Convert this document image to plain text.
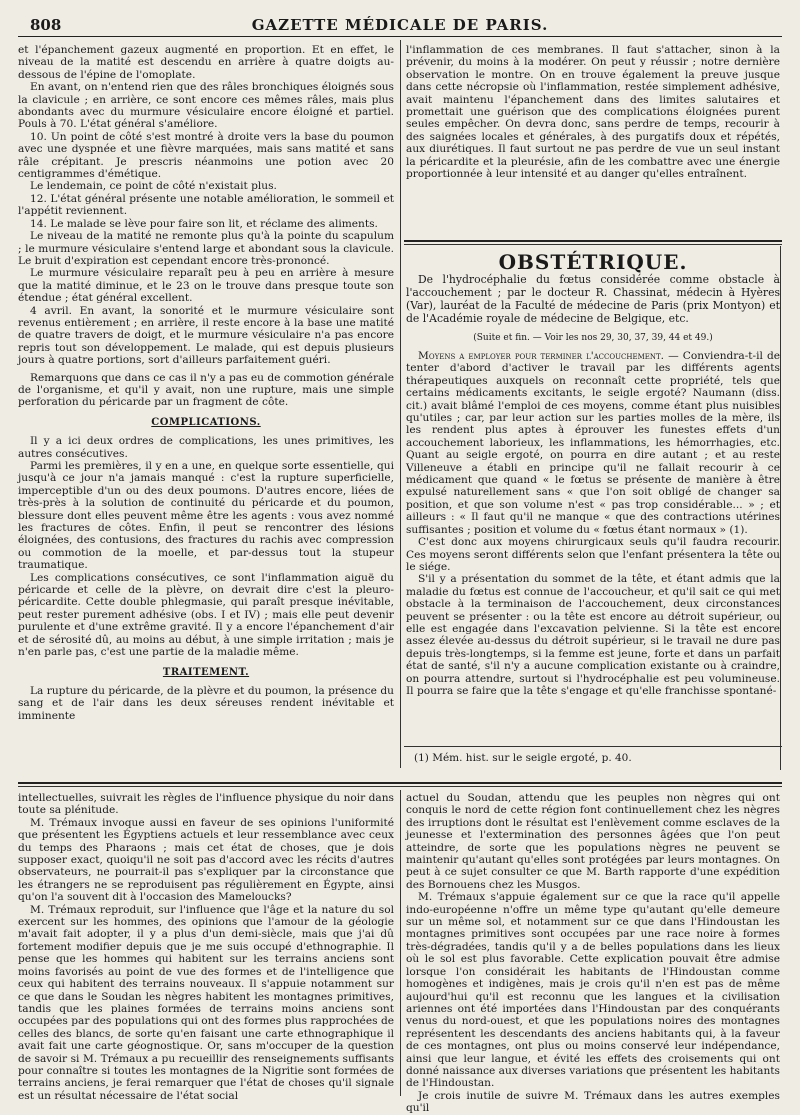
808	GAZETTE MÉDICALE DE PARIS.

et l'épanchement gazeux augmenté en proportion. Et en effet, le niveau de la matité est descendu en arrière à quatre doigts au-dessous de l'épine de l'omoplate.

En avant, on n'entend rien que des râles bronchiques éloignés sous la clavicule ; en arrière, ce sont encore ces mêmes râles, mais plus abondants avec du murmure vésiculaire encore éloigné et partiel. Pouls à 70. L'état général s'améliore.

10. Un point de côté s'est montré à droite vers la base du poumon avec une dyspnée et une fièvre marquées, mais sans matité et sans râle crépitant. Je prescris néanmoins une potion avec 20 centigrammes d'émétique.

Le lendemain, ce point de côté n'existait plus.

12. L'état général présente une notable amélioration, le sommeil et l'appétit reviennent.

14. Le malade se lève pour faire son lit, et réclame des aliments.

Le niveau de la matité ne remonte plus qu'à la pointe du scapulum ; le murmure vésiculaire s'entend large et abondant sous la clavicule. Le bruit d'expiration est cependant encore très-prononcé.

Le murmure vésiculaire reparaît peu à peu en arrière à mesure que la matité diminue, et le 23 on le trouve dans presque toute son étendue ; état général excellent.

4 avril. En avant, la sonorité et le murmure vésiculaire sont revenus entièrement ; en arrière, il reste encore à la base une matité de quatre travers de doigt, et le murmure vésiculaire n'a pas encore repris tout son développement. Le malade, qui est depuis plusieurs jours à quatre portions, sort d'ailleurs parfaitement guéri.

Remarquons que dans ce cas il n'y a pas eu de commotion générale de l'organisme, et qu'il y avait, non une rupture, mais une simple perforation du péricarde par un fragment de côte.

COMPLICATIONS.

Il y a ici deux ordres de complications, les unes primitives, les autres consécutives.

Parmi les premières, il y en a une, en quelque sorte essentielle, qui jusqu'à ce jour n'a jamais manqué : c'est la rupture superficielle, imperceptible d'un ou des deux poumons. D'autres encore, liées de très-près à la solution de continuité du péricarde et du poumon, blessure dont elles peuvent même être les agents : vous avez nommé les fractures de côtes. Enfin, il peut se rencontrer des lésions éloignées, des contusions, des fractures du rachis avec compression ou commotion de la moelle, et par-dessus tout la stupeur traumatique.

Les complications consécutives, ce sont l'inflammation aiguë du péricarde et celle de la plèvre, on devrait dire c'est la pleuro-péricardite. Cette double phlegmasie, qui paraît presque inévitable, peut rester purement adhésive (obs. I et IV) ; mais elle peut devenir purulente et d'une extrême gravité. Il y a encore l'épanchement d'air et de sérosité dû, au moins au début, à une simple irritation ; mais je n'en parle pas, c'est une partie de la maladie même.

TRAITEMENT.

La rupture du péricarde, de la plèvre et du poumon, la présence du sang et de l'air dans les deux séreuses rendent inévitable et imminente

l'inflammation de ces membranes. Il faut s'attacher, sinon à la prévenir, du moins à la modérer. On peut y réussir ; notre dernière observation le montre. On en trouve également la preuve jusque dans cette nécropsie où l'inflammation, restée simplement adhésive, avait maintenu l'épanchement dans des limites salutaires et promettait une guérison que des complications éloignées purent seules empêcher. On devra donc, sans perdre de temps, recourir à des saignées locales et générales, à des purgatifs doux et répétés, aux diurétiques. Il faut surtout ne pas perdre de vue un seul instant la péricardite et la pleurésie, afin de les combattre avec une énergie proportionnée à leur intensité et au danger qu'elles entraînent.

OBSTÉTRIQUE.

De l'hydrocéphalie du fœtus considérée comme obstacle à l'accouchement ; par le docteur R. Chassinat, médecin à Hyères (Var), lauréat de la Faculté de médecine de Paris (prix Montyon) et de l'Académie royale de médecine de Belgique, etc.

(Suite et fin. — Voir les nos 29, 30, 37, 39, 44 et 49.)

Moyens a employer pour terminer l'accouchement. — Conviendra-t-il de tenter d'abord d'activer le travail par les différents agents thérapeutiques auxquels on reconnaît cette propriété, tels que certains médicaments excitants, le seigle ergoté? Naumann (diss. cit.) avait blâmé l'emploi de ces moyens, comme étant plus nuisibles qu'utiles ; car, par leur action sur les parties molles de la mère, ils les rendent plus aptes à éprouver les funestes effets d'un accouchement laborieux, les inflammations, les hémorrhagies, etc. Quant au seigle ergoté, on pourra en dire autant ; et au reste Villeneuve a établi en principe qu'il ne fallait recourir à ce médicament que quand « le fœtus se présente de manière à être expulsé naturellement sans « que l'on soit obligé de changer sa position, et que son volume n'est « pas trop considérable... » ; et ailleurs : « Il faut qu'il ne manque « que des contractions utérines suffisantes ; position et volume du « fœtus étant normaux » (1).

C'est donc aux moyens chirurgicaux seuls qu'il faudra recourir. Ces moyens seront différents selon que l'enfant présentera la tête ou le siége.

S'il y a présentation du sommet de la tête, et étant admis que la maladie du fœtus est connue de l'accoucheur, et qu'il sait ce qui met obstacle à la terminaison de l'accouchement, deux circonstances peuvent se présenter : ou la tête est encore au détroit supérieur, ou elle est engagée dans l'excavation pelvienne. Si la tête est encore assez élevée au-dessus du détroit supérieur, si le travail ne dure pas depuis très-longtemps, si la femme est jeune, forte et dans un parfait état de santé, s'il n'y a aucune complication existante ou à craindre, on pourra attendre, surtout si l'hydrocéphalie est peu volumineuse. Il pourra se faire que la tête s'engage et qu'elle franchisse spontané-

(1) Mém. hist. sur le seigle ergoté, p. 40.

intellectuelles, suivrait les règles de l'influence physique du noir dans toute sa plénitude.

M. Trémaux invoque aussi en faveur de ses opinions l'uniformité que présentent les Égyptiens actuels et leur ressemblance avec ceux du temps des Pharaons ; mais cet état de choses, que je dois supposer exact, quoiqu'il ne soit pas d'accord avec les récits d'autres observateurs, ne pourrait-il pas s'expliquer par la circonstance que les étrangers ne se reproduisent pas régulièrement en Égypte, ainsi qu'on l'a souvent dit à l'occasion des Mameloucks?

M. Trémaux reproduit, sur l'influence que l'âge et la nature du sol exercent sur les hommes, des opinions que l'amour de la géologie m'avait fait adopter, il y a plus d'un demi-siècle, mais que j'ai dû fortement modifier depuis que je me suis occupé d'ethnographie. Il pense que les hommes qui habitent sur les terrains anciens sont moins favorisés au point de vue des formes et de l'intelligence que ceux qui habitent des terrains nouveaux. Il s'appuie notamment sur ce que dans le Soudan les nègres habitent les montagnes primitives, tandis que les plaines formées de terrains moins anciens sont occupées par des populations qui ont des formes plus rapprochées de celles des blancs, de sorte qu'en faisant une carte ethnographique il avait fait une carte géognostique. Or, sans m'occuper de la question de savoir si M. Trémaux a pu recueillir des renseignements suffisants pour connaître si toutes les montagnes de la Nigritie sont formées de terrains anciens, je ferai remarquer que l'état de choses qu'il signale est un résultat nécessaire de l'état social

actuel du Soudan, attendu que les peuples non nègres qui ont conquis le nord de cette région font continuellement chez les nègres des irruptions dont le résultat est l'enlèvement comme esclaves de la jeunesse et l'extermination des personnes âgées que l'on peut atteindre, de sorte que les populations nègres ne peuvent se maintenir qu'autant qu'elles sont protégées par leurs montagnes. On peut à ce sujet consulter ce que M. Barth rapporte d'une expédition des Bornouens chez les Musgos.

M. Trémaux s'appuie également sur ce que la race qu'il appelle indo-européenne n'offre un même type qu'autant qu'elle demeure sur un même sol, et notamment sur ce que dans l'Hindoustan les montagnes primitives sont occupées par une race noire à formes très-dégradées, tandis qu'il y a de belles populations dans les lieux où le sol est plus favorable. Cette explication pouvait être admise lorsque l'on considérait les habitants de l'Hindoustan comme homogènes et indigènes, mais je crois qu'il n'en est pas de même aujourd'hui qu'il est reconnu que les langues et la civilisation ariennes ont été importées dans l'Hindoustan par des conquérants venus du nord-ouest, et que les populations noires des montagnes représentent les descendants des anciens habitants qui, à la faveur de ces montagnes, ont plus ou moins conservé leur indépendance, ainsi que leur langue, et évité les effets des croisements qui ont donné naissance aux diverses variations que présentent les habitants de l'Hindoustan.

Je crois inutile de suivre M. Trémaux dans les autres exemples qu'il
